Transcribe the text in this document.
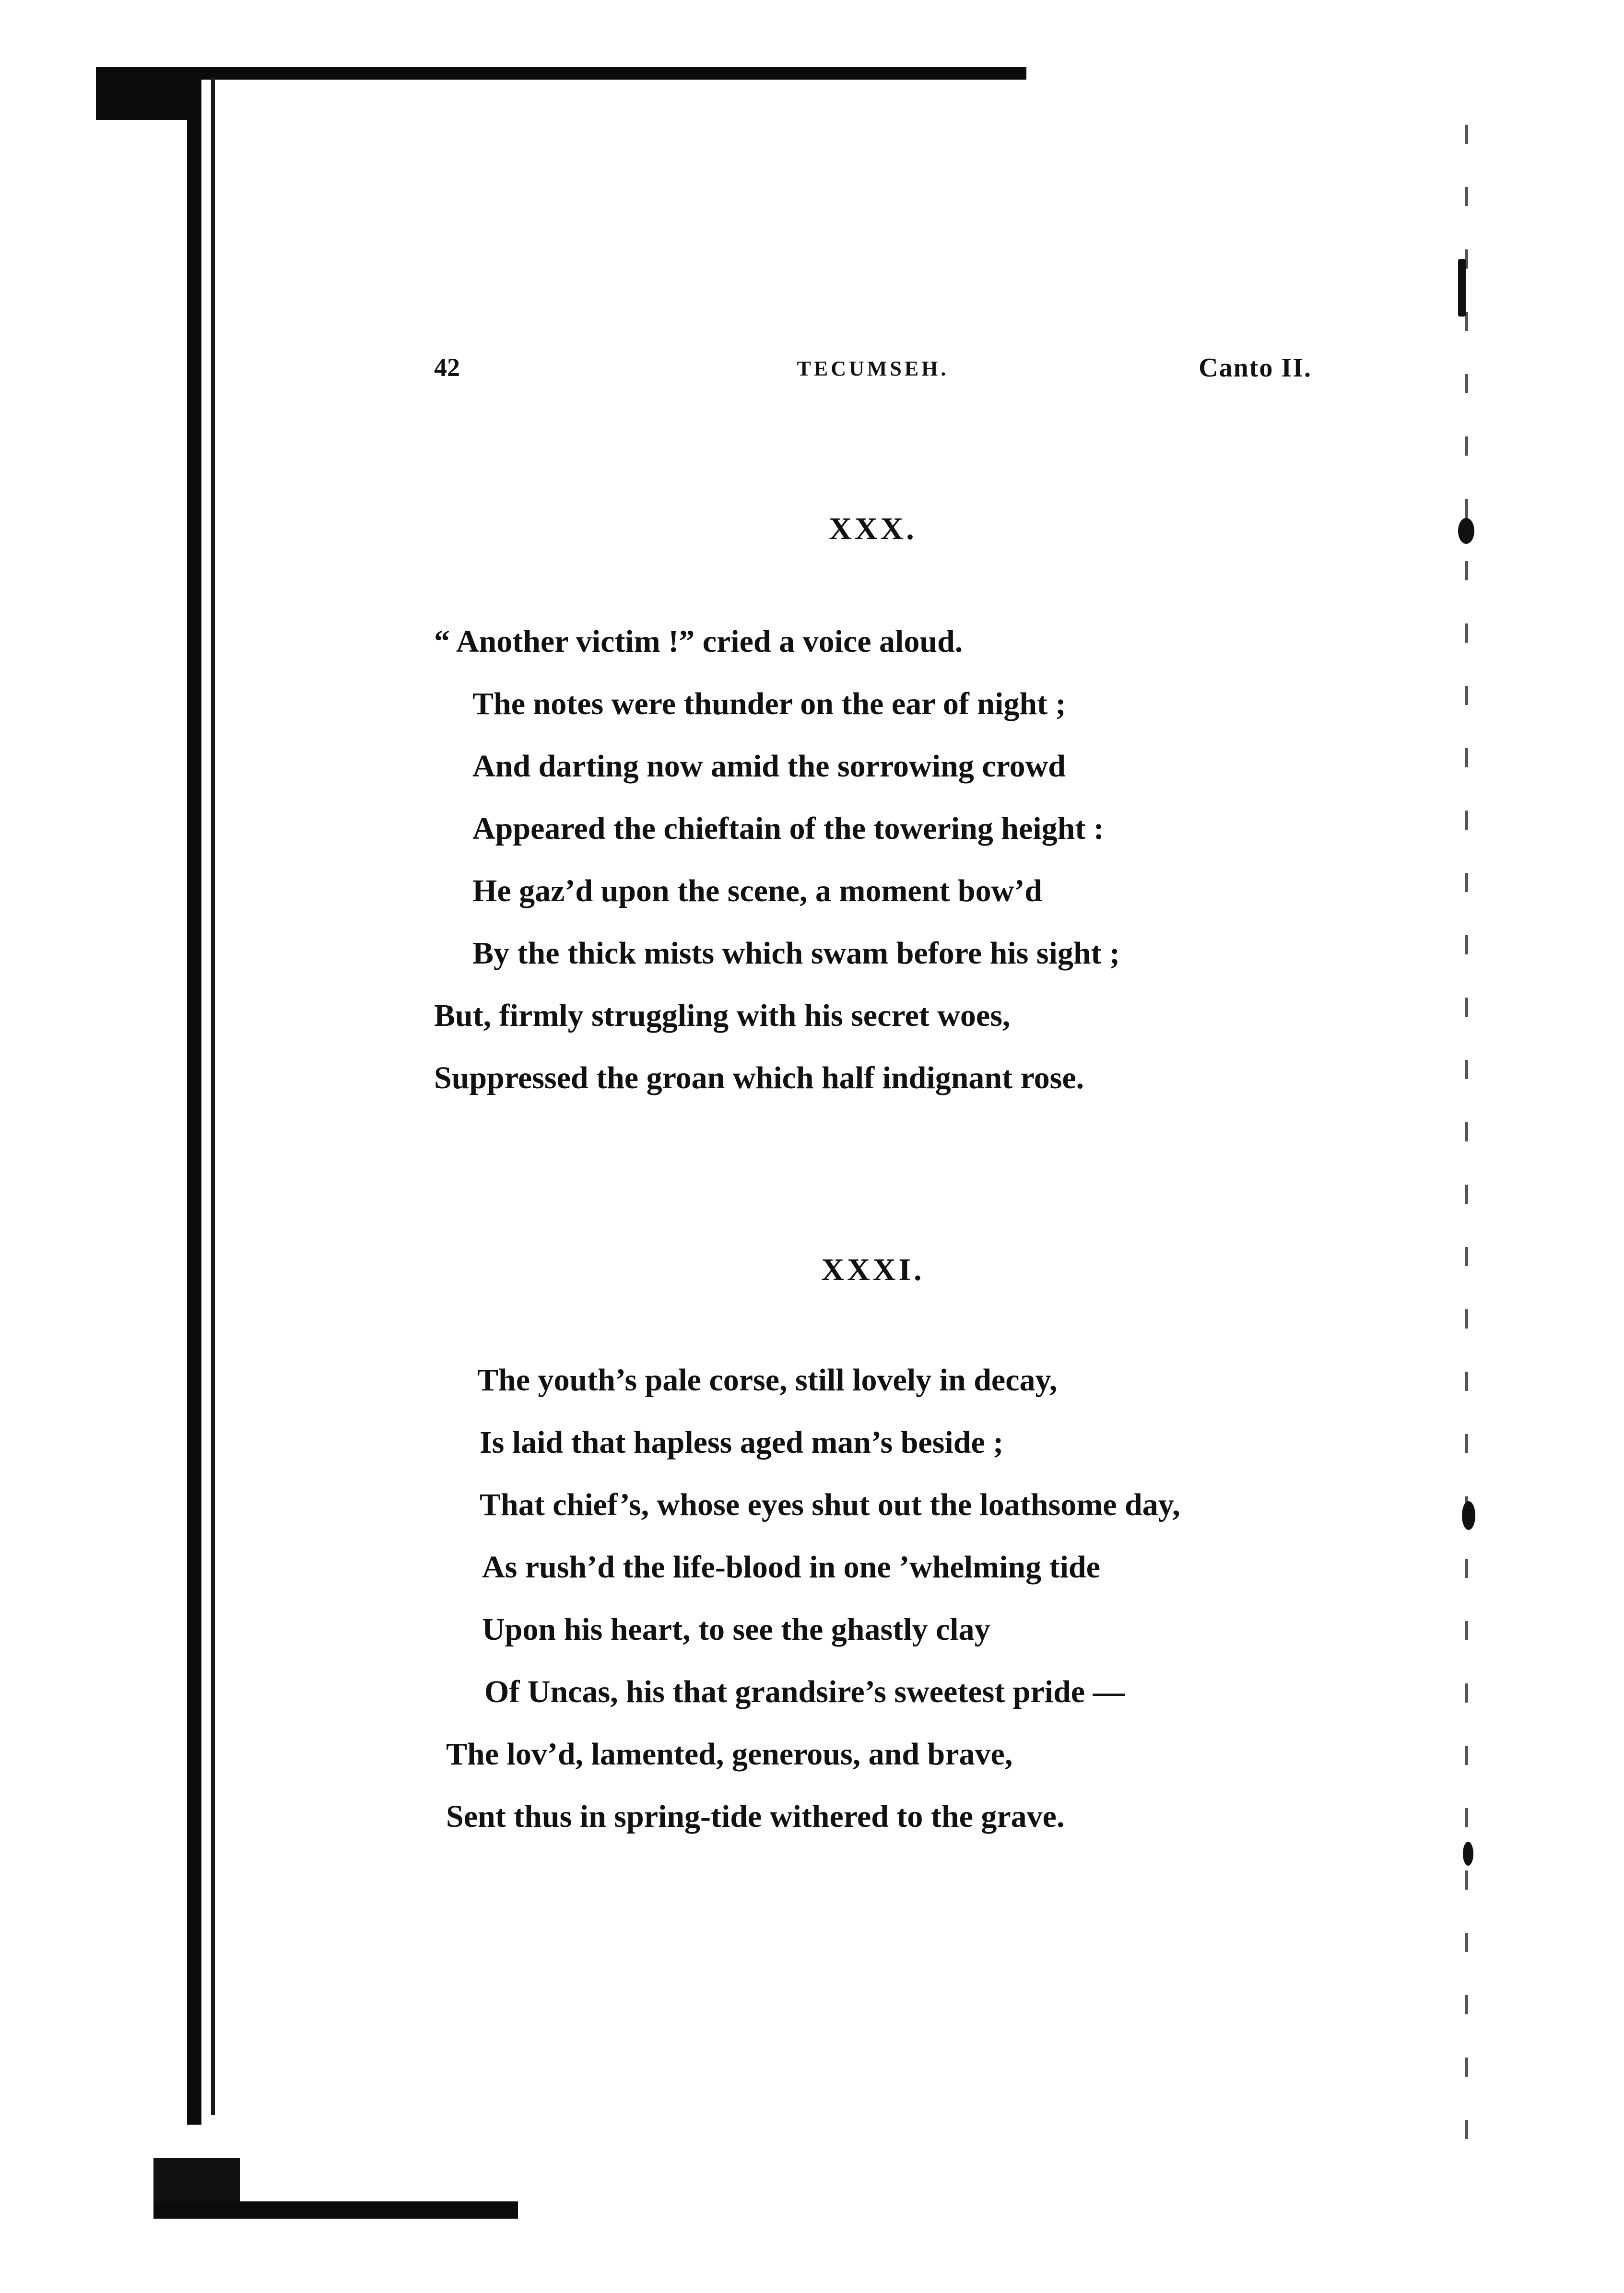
42	TECUMSEH.	Canto II.
XXX.
“ Another victim !” cried a voice aloud.
The notes were thunder on the ear of night ;
And darting now amid the sorrowing crowd
Appeared the chieftain of the towering height :
He gaz’d upon the scene, a moment bow’d
By the thick mists which swam before his sight ;
But, firmly struggling with his secret woes,
Suppressed the groan which half indignant rose.
XXXI.
The youth’s pale corse, still lovely in decay,
Is laid that hapless aged man’s beside ;
That chief’s, whose eyes shut out the loathsome day,
As rush’d the life-blood in one ’whelming tide
Upon his heart, to see the ghastly clay
Of Uncas, his that grandsire’s sweetest pride —
The lov’d, lamented, generous, and brave,
Sent thus in spring-tide withered to the grave.
